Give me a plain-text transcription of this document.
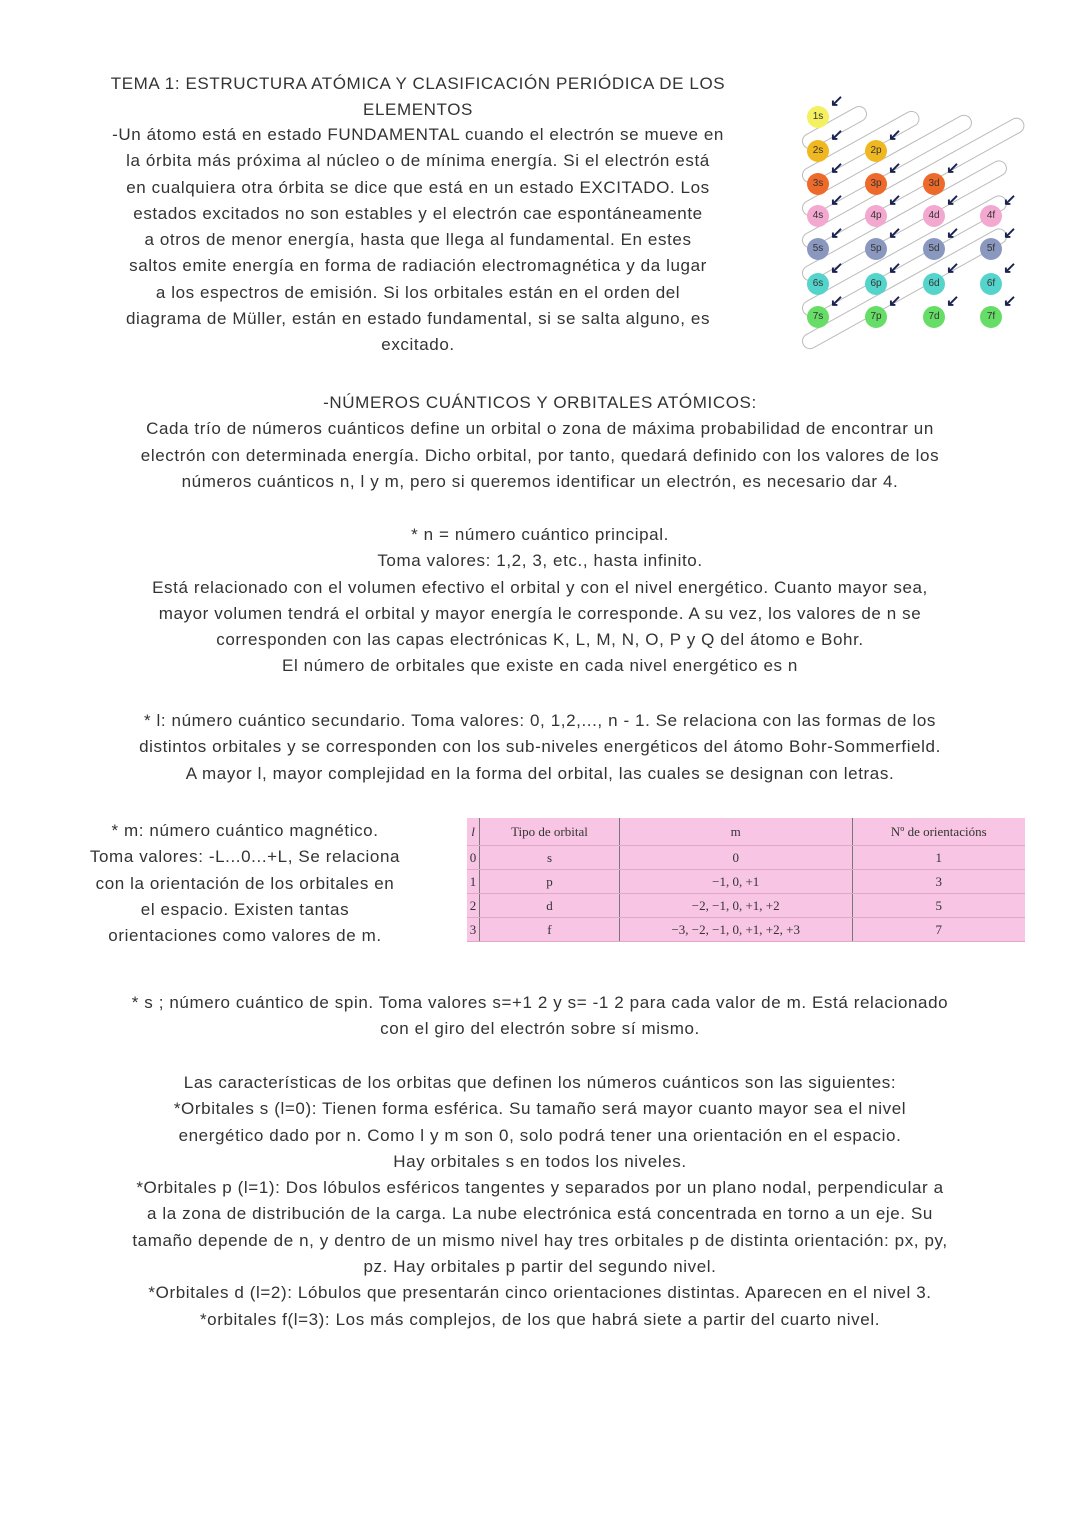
TEMA 1: ESTRUCTURA ATÓMICA Y CLASIFICACIÓN PERIÓDICA DE LOS
ELEMENTOS
-Un átomo está en estado FUNDAMENTAL cuando el electrón se mueve en
la órbita más próxima al núcleo o de mínima energía. Si el electrón está
en cualquiera otra órbita se dice que está en un estado EXCITADO. Los
estados excitados no son estables y el electrón cae espontáneamente
a otros de menor energía, hasta que llega al fundamental. En estes
saltos emite energía en forma de radiación electromagnética y da lugar
a los espectros de emisión. Si los orbitales están en el orden del
diagrama de Müller, están en estado fundamental, si se salta alguno, es
excitado.
1s
↙
2s
↙
2p
↙
3s
↙
3p
↙
3d
↙
4s
↙
4p
↙
4d
↙
4f
↙
5s
↙
5p
↙
5d
↙
5f
↙
6s
↙
6p
↙
6d
↙
6f
↙
7s
↙
7p
↙
7d
↙
7f
↙
-NÚMEROS CUÁNTICOS Y ORBITALES ATÓMICOS:
Cada trío de números cuánticos define un orbital o zona de máxima probabilidad de encontrar un
electrón con determinada energía. Dicho orbital, por tanto, quedará definido con los valores de los
números cuánticos n, l y m, pero si queremos identificar un electrón, es necesario dar 4.
* n = número cuántico principal.
Toma valores: 1,2, 3, etc., hasta infinito.
Está relacionado con el volumen efectivo el orbital y con el nivel energético. Cuanto mayor sea,
mayor volumen tendrá el orbital y mayor energía le corresponde. A su vez, los valores de n se
corresponden con las capas electrónicas K, L, M, N, O, P y Q del átomo e Bohr.
El número de orbitales que existe en cada nivel energético es n
* l: número cuántico secundario. Toma valores: 0, 1,2,..., n - 1. Se relaciona con las formas de los
distintos orbitales y se corresponden con los sub-niveles energéticos del átomo Bohr-Sommerfield.
A mayor l, mayor complejidad en la forma del orbital, las cuales se designan con letras.
* m: número cuántico magnético.
Toma valores: -L...0...+L, Se relaciona
con la orientación de los orbitales en
el espacio. Existen tantas
orientaciones como valores de m.
l	Tipo de orbital	m	Nº de orientacións
0	s	0	1
1	p	−1, 0, +1	3
2	d	−2, −1, 0, +1, +2	5
3	f	−3, −2, −1, 0, +1, +2, +3	7
* s ; número cuántico de spin. Toma valores s=+1 2 y s= -1 2 para cada valor de m. Está relacionado
con el giro del electrón sobre sí mismo.
Las características de los orbitas que definen los números cuánticos son las siguientes:
*Orbitales s (l=0): Tienen forma esférica. Su tamaño será mayor cuanto mayor sea el nivel
energético dado por n. Como l y m son 0, solo podrá tener una orientación en el espacio.
Hay orbitales s en todos los niveles.
*Orbitales p (l=1): Dos lóbulos esféricos tangentes y separados por un plano nodal, perpendicular a
a la zona de distribución de la carga. La nube electrónica está concentrada en torno a un eje. Su
tamaño depende de n, y dentro de un mismo nivel hay tres orbitales p de distinta orientación: px, py,
pz. Hay orbitales p partir del segundo nivel.
*Orbitales d (l=2): Lóbulos que presentarán cinco orientaciones distintas. Aparecen en el nivel 3.
*orbitales f(l=3): Los más complejos, de los que habrá siete a partir del cuarto nivel.
